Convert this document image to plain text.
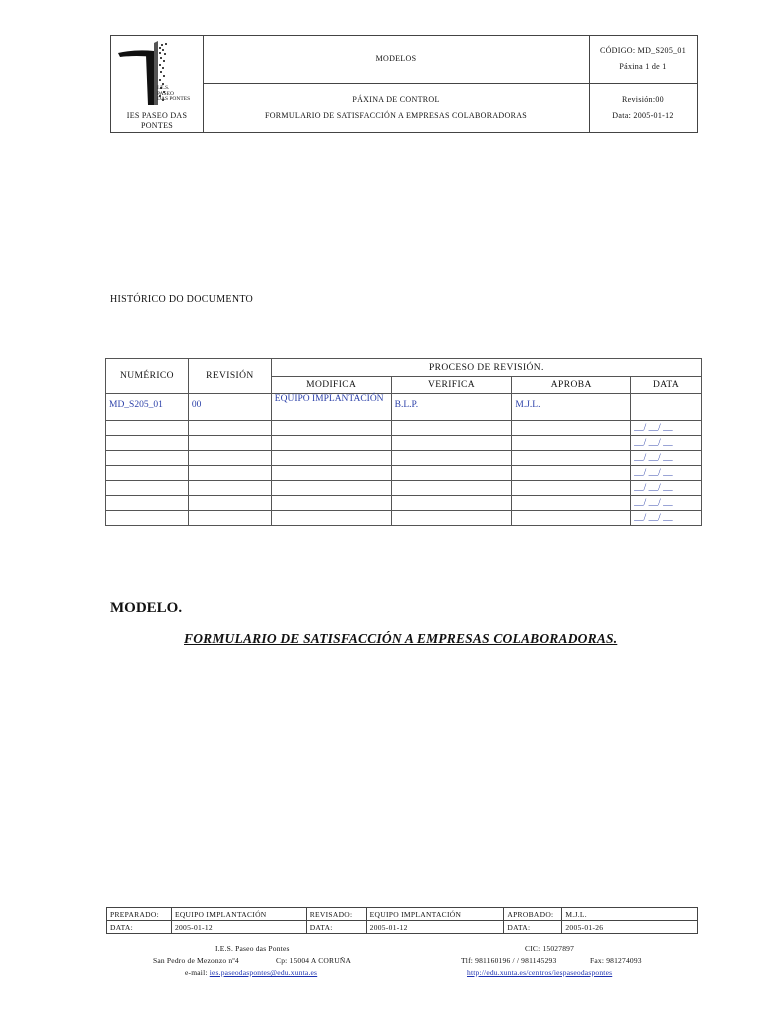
I.E.S.
PASEO
DAS PONTES
IES PASEO DAS PONTES
MODELOS
PÁXINA DE CONTROL
FORMULARIO DE SATISFACCIÓN A EMPRESAS COLABORADORAS
CÓDIGO: MD_S205_01
Páxina 1 de 1
Revisión:00
Data: 2005-01-12
HISTÓRICO DO DOCUMENTO
NUMÉRICO	REVISIÓN	PROCESO DE REVISIÓN.			
		MODIFICA	VERIFICA	APROBA	DATA
MD_S205_01	00	EQUIPO IMPLANTACIÓN	B.L.P.	M.J.L.	
					__/ __/ __
					__/ __/ __
					__/ __/ __
					__/ __/ __
					__/ __/ __
					__/ __/ __
					__/ __/ __
MODELO.
FORMULARIO DE SATISFACCIÓN A EMPRESAS COLABORADORAS.
PREPARADO:	EQUIPO IMPLANTACIÓN	REVISADO:	EQUIPO IMPLANTACIÓN	APROBADO:	M.J.L.
DATA:	2005-01-12	DATA:	2005-01-12	DATA:	2005-01-26
I.E.S. Paseo das Pontes
San Pedro de Mezonzo nº4	Cp: 15004 A CORUÑA
e-mail: ies.paseodaspontes@edu.xunta.es
CIC: 15027897
Tlf: 981160196 / / 981145293	Fax: 981274093
http://edu.xunta.es/centros/iespaseodaspontes
